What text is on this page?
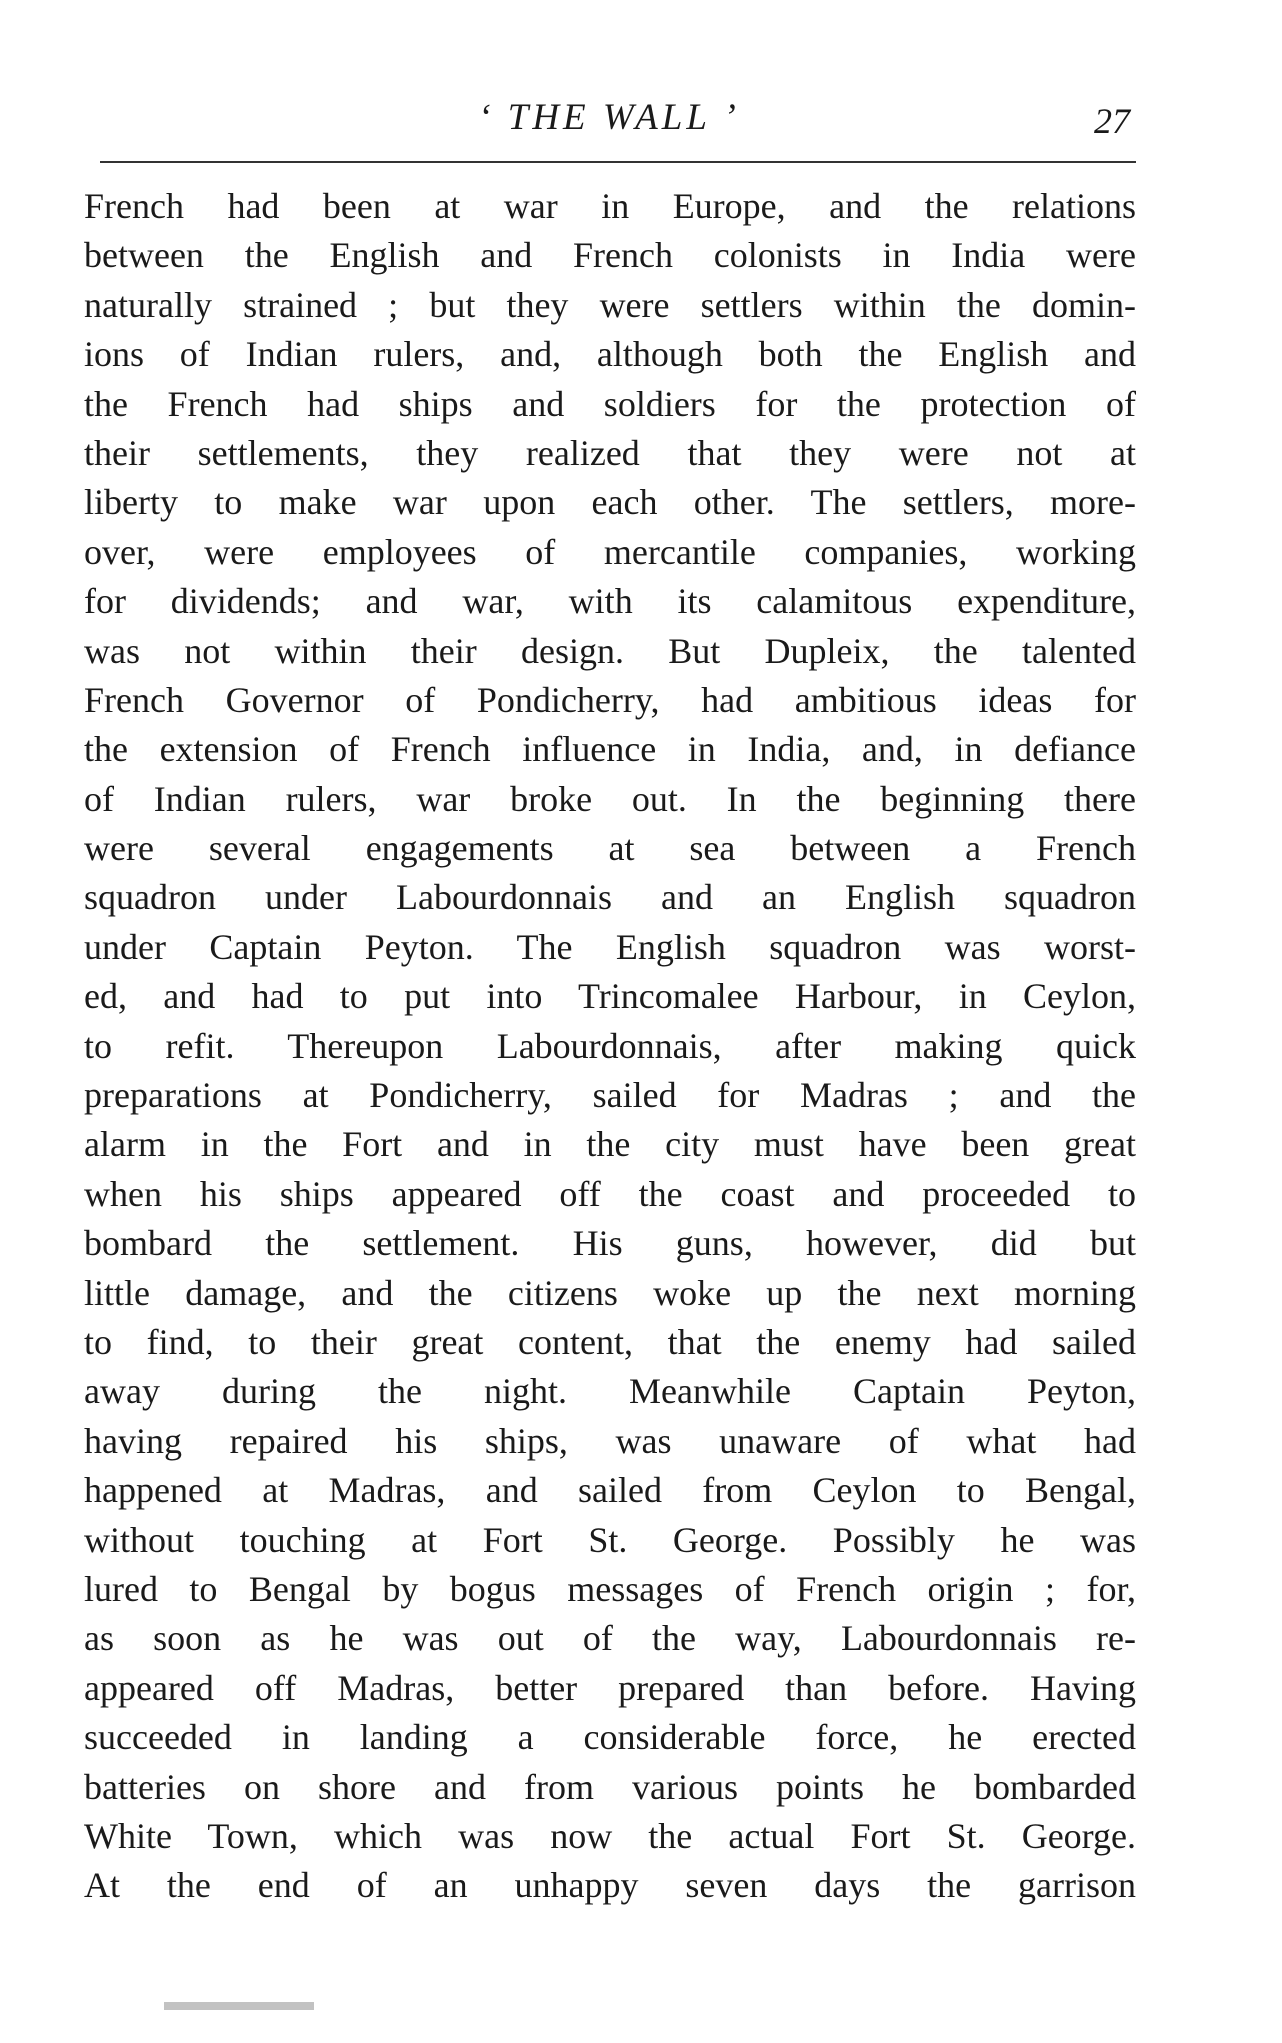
‘ THE WALL ’	27
French had been at war in Europe, and the relations
between the English and French colonists in India were
naturally strained ; but they were settlers within the domin-
ions of Indian rulers, and, although both the English and
the French had ships and soldiers for the protection of
their settlements, they realized that they were not at
liberty to make war upon each other. The settlers, more-
over, were employees of mercantile companies, working
for dividends; and war, with its calamitous expenditure,
was not within their design. But Dupleix, the talented
French Governor of Pondicherry, had ambitious ideas for
the extension of French influence in India, and, in defiance
of Indian rulers, war broke out. In the beginning there
were several engagements at sea between a French
squadron under Labourdonnais and an English squadron
under Captain Peyton. The English squadron was worst-
ed, and had to put into Trincomalee Harbour, in Ceylon,
to refit. Thereupon Labourdonnais, after making quick
preparations at Pondicherry, sailed for Madras ; and the
alarm in the Fort and in the city must have been great
when his ships appeared off the coast and proceeded to
bombard the settlement. His guns, however, did but
little damage, and the citizens woke up the next morning
to find, to their great content, that the enemy had sailed
away during the night. Meanwhile Captain Peyton,
having repaired his ships, was unaware of what had
happened at Madras, and sailed from Ceylon to Bengal,
without touching at Fort St. George. Possibly he was
lured to Bengal by bogus messages of French origin ; for,
as soon as he was out of the way, Labourdonnais re-
appeared off Madras, better prepared than before. Having
succeeded in landing a considerable force, he erected
batteries on shore and from various points he bombarded
White Town, which was now the actual Fort St. George.
At the end of an unhappy seven days the garrison
